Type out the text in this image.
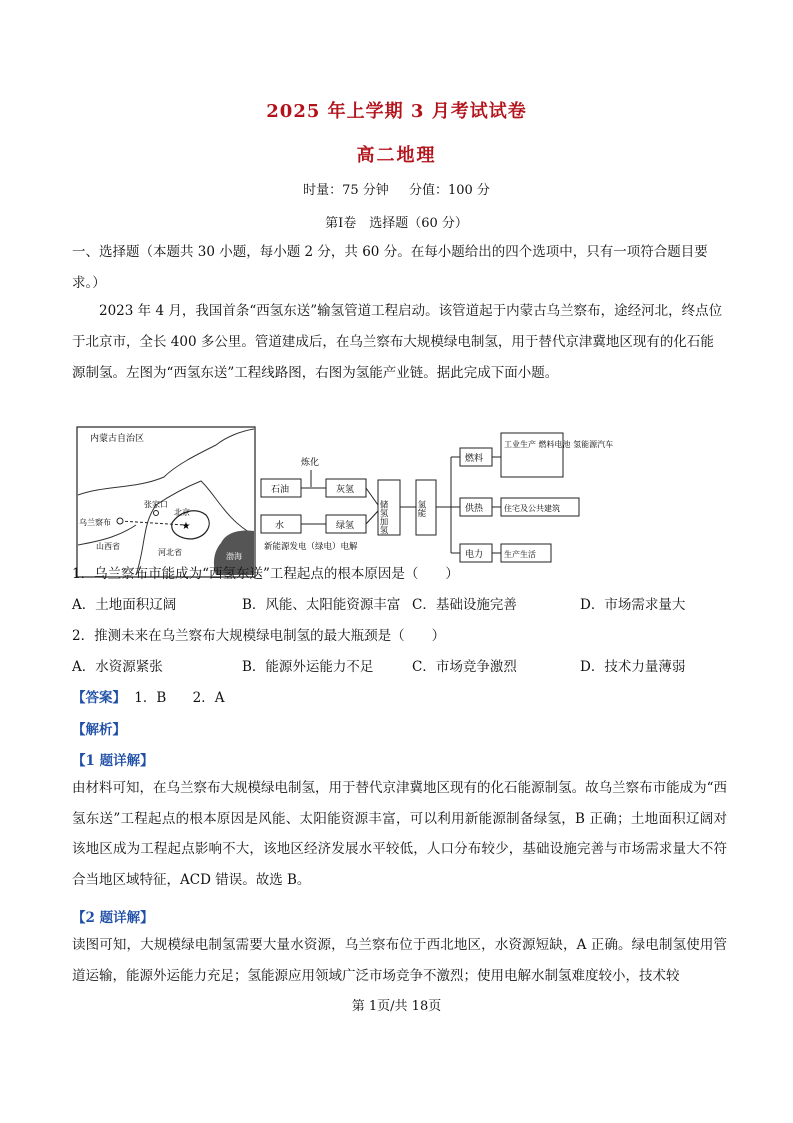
2025 年上学期 3 月考试试卷
高二地理
时量：75 分钟 分值：100 分
第Ⅰ卷　选择题（60 分）
一、选择题（本题共 30 小题，每小题 2 分，共 60 分。在每小题给出的四个选项中，只有一项符合题目要求。）
2023 年 4 月，我国首条“西氢东送”输氢管道工程启动。该管道起于内蒙古乌兰察布，途经河北，终点位于北京市，全长 400 多公里。管道建成后，在乌兰察布大规模绿电制氢，用于替代京津冀地区现有的化石能源制氢。左图为“西氢东送”工程线路图，右图为氢能产业链。据此完成下面小题。
★
内蒙古自治区
乌兰察布
张家口
北京
山西省
河北省	渤海
炼化
石油	灰氢
水	绿氢
新能源发电（绿电）电解
储氢加氢	氢能
燃料
供热
电力
工业生产 燃料电池 氢能源汽车
住宅及公共建筑
生产生活
1．乌兰察布市能成为“西氢东送”工程起点的根本原因是（　　）
A．土地面积辽阔	B．风能、太阳能资源丰富 C．基础设施完善	D．市场需求量大
2．推测未来在乌兰察布大规模绿电制氢的最大瓶颈是（　　）
A．水资源紧张	B．能源外运能力不足	C．市场竞争激烈	D．技术力量薄弱
【答案】 1．B 2．A
【解析】
【1 题详解】
由材料可知，在乌兰察布大规模绿电制氢，用于替代京津冀地区现有的化石能源制氢。故乌兰察布市能成为“西氢东送”工程起点的根本原因是风能、太阳能资源丰富，可以利用新能源制备绿氢，B 正确；土地面积辽阔对该地区成为工程起点影响不大，该地区经济发展水平较低，人口分布较少，基础设施完善与市场需求量大不符合当地区域特征，ACD 错误。故选 B。
【2 题详解】
读图可知，大规模绿电制氢需要大量水资源，乌兰察布位于西北地区，水资源短缺，A 正确。绿电制氢使用管道运输，能源外运能力充足；氢能源应用领域广泛市场竞争不激烈；使用电解水制氢难度较小，技术较
第 1页/共 18页
